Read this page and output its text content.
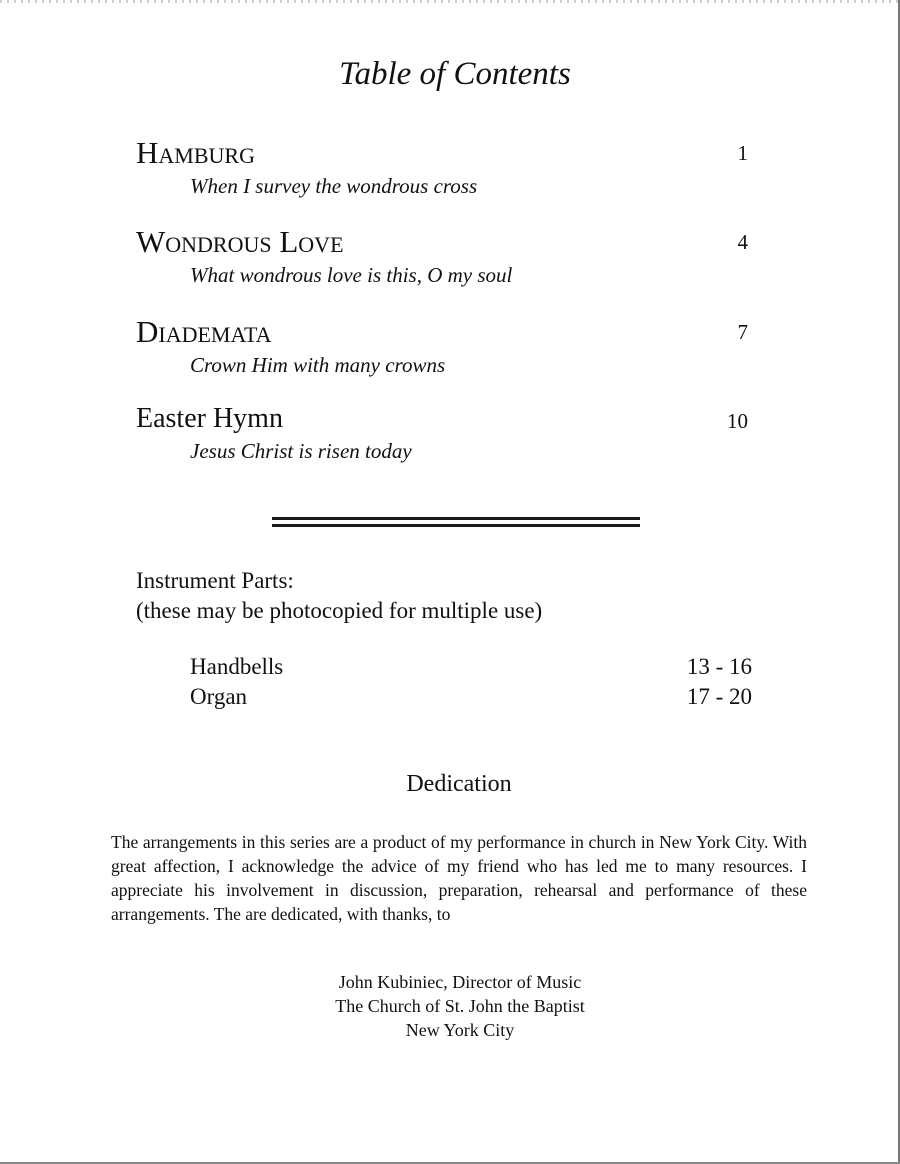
Table of Contents
Hamburg	1
When I survey the wondrous cross
Wondrous Love	4
What wondrous love is this, O my soul
Diademata	7
Crown Him with many crowns
Easter Hymn	10
Jesus Christ is risen today
Instrument Parts:
(these may be photocopied for multiple use)
Handbells	13 - 16
Organ	17 - 20
Dedication
The arrangements in this series are a product of my performance in church in New York City. With great affection, I acknowledge the advice of my friend who has led me to many resources. I appreciate his involvement in discussion, preparation, rehearsal and performance of these arrangements. The are dedicated, with thanks, to
John Kubiniec, Director of Music
The Church of St. John the Baptist
New York City
